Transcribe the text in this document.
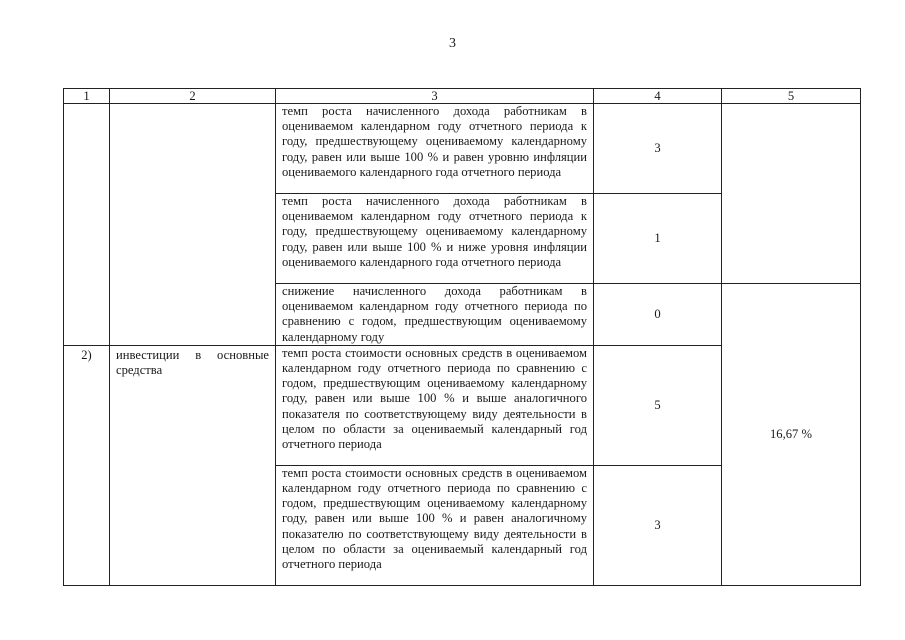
3
1	2	3	4	5

		темп роста начисленного дохода работникам в оцениваемом календарном году отчетного периода к году, предшествующему оцениваемому календарному году, равен или выше 100 % и равен уровню инфляции оцениваемого календарного года отчетного периода	3	

		темп роста начисленного дохода работникам в оцениваемом календарном году отчетного периода к году, предшествующему оцениваемому календарному году, равен или выше 100 % и ниже уровня инфляции оцениваемого календарного года отчетного периода	1	

		снижение начисленного дохода работникам в оцениваемом календарном году отчетного периода по сравнению с годом, предшествующим оцениваемому календарному году	0	16,67 %
2)	инвестиции в основные средства	темп роста стоимости основных средств в оцениваемом календарном году отчетного периода по сравнению с годом, предшествующим оцениваемому календарному году, равен или выше 100 % и выше аналогичного показателя по соответствующему виду деятельности в целом по области за оцениваемый календарный год отчетного периода	5	

		темп роста стоимости основных средств в оцениваемом календарном году отчетного периода по сравнению с годом, предшествующим оцениваемому календарному году, равен или выше 100 % и равен аналогичному показателю по соответствующему виду деятельности в целом по области за оцениваемый календарный год отчетного периода	3	
